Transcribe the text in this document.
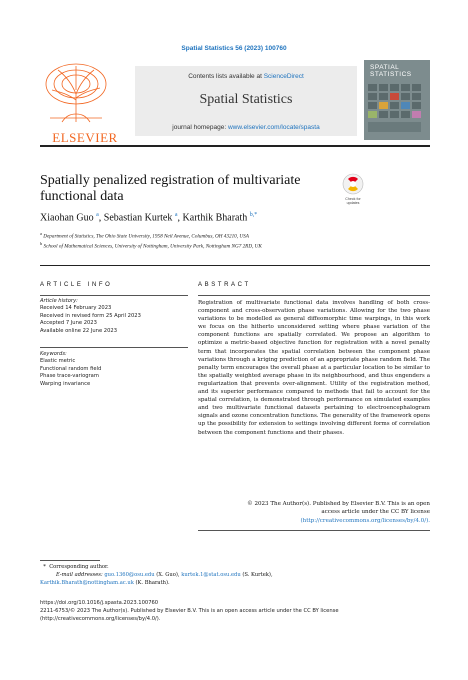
Spatial Statistics 56 (2023) 100760
ELSEVIER
Contents lists available at ScienceDirect
Spatial Statistics
journal homepage: www.elsevier.com/locate/spasta
SPATIAL
STATISTICS
Spatially penalized registration of multivariate functional data	Check for
updates
Xiaohan Guo $^a$, Sebastian Kurtek $^a$, Karthik Bharath $^{b,*}$
$^a$ Department of Statistics, The Ohio State University, 1958 Neil Avenue, Columbus, OH 43210, USA
$^b$ School of Mathematical Sciences, University of Nottingham, University Park, Nottingham NG7 2RD, UK
ARTICLE INFO
Article history:
Received 14 February 2023
Received in revised form 25 April 2023
Accepted 7 June 2023
Available online 22 June 2023
Keywords:
Elastic metric
Functional random field
Phase trace-variogram
Warping invariance
ABSTRACT
Registration of multivariate functional data involves handling of both cross-component and cross-observation phase variations. Allowing for the two phase variations to be modelled as general diffeomorphic time warpings, in this work we focus on the hitherto unconsidered setting where phase variation of the component functions are spatially correlated. We propose an algorithm to optimize a metric-based objective function for registration with a novel penalty term that incorporates the spatial correlation between the component phase variations through a kriging prediction of an appropriate phase random field. The penalty term encourages the overall phase at a particular location to be similar to the spatially weighted average phase in its neighbourhood, and thus engenders a regularization that prevents over-alignment. Utility of the registration method, and its superior performance compared to methods that fail to account for the spatial correlation, is demonstrated through performance on simulated examples and two multivariate functional datasets pertaining to electroencephalogram signals and ozone concentration functions. The generality of the framework opens up the possibility for extension to settings involving different forms of correlation between the component functions and their phases.
© 2023 The Author(s). Published by Elsevier B.V. This is an open
access article under the CC BY license
(http://creativecommons.org/licenses/by/4.0/).
*  Corresponding author.
E-mail addresses: guo.1360@osu.edu (X. Guo), kurtek.1@stat.osu.edu (S. Kurtek),
Karthik.Bharath@nottingham.ac.uk (K. Bharath).
https://doi.org/10.1016/j.spasta.2023.100760
2211-6753/© 2023 The Author(s). Published by Elsevier B.V. This is an open access article under the CC BY license
(http://creativecommons.org/licenses/by/4.0/).
